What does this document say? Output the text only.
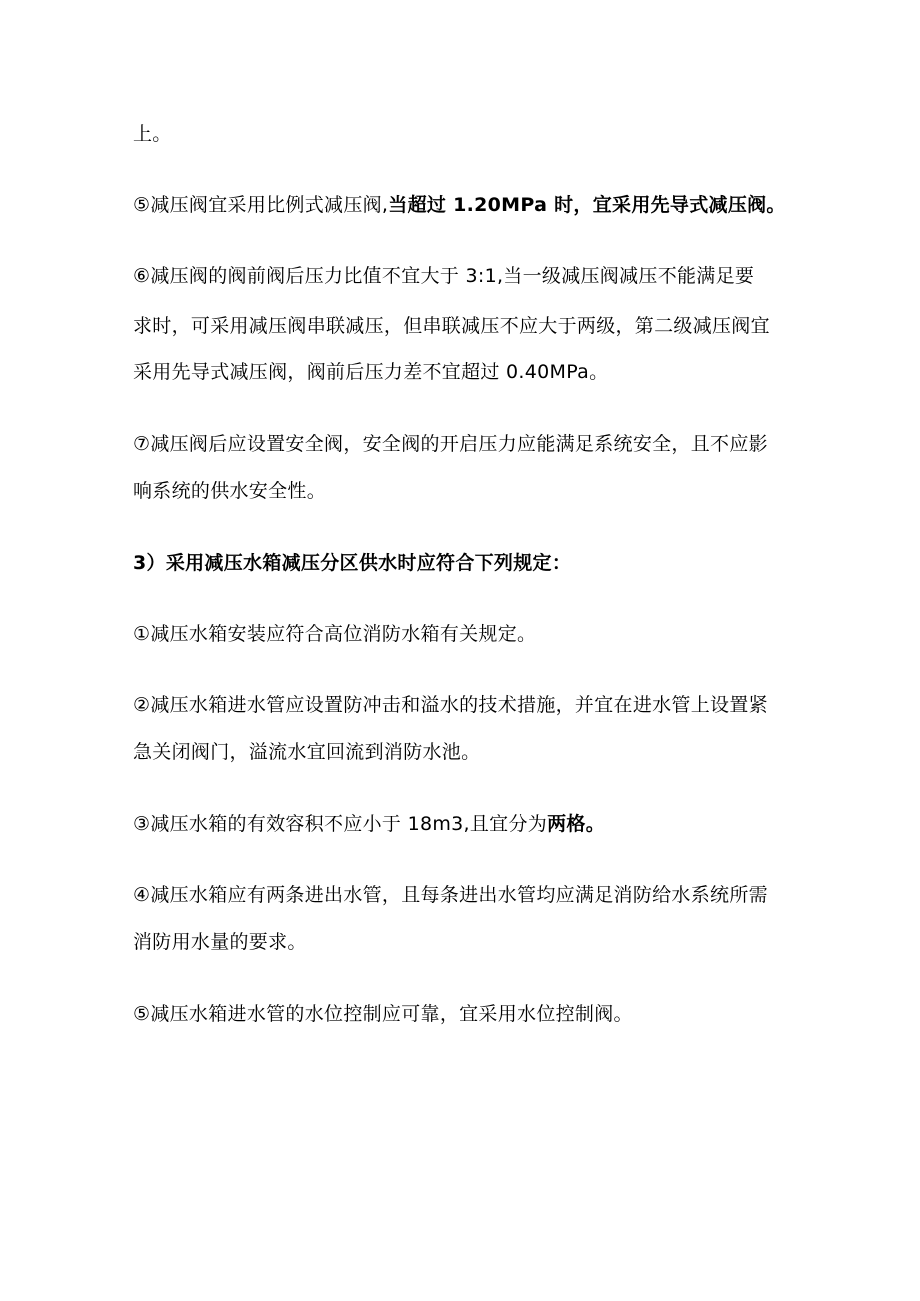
上。

⑤减压阀宜采用比例式减压阀,当超过 1.20MPa 时，宜采用先导式减压阀。

⑥减压阀的阀前阀后压力比值不宜大于 3:1,当一级减压阀减压不能满足要

求时，可采用减压阀串联减压，但串联减压不应大于两级，第二级减压阀宜

采用先导式减压阀，阀前后压力差不宜超过 0.40MPa。

⑦减压阀后应设置安全阀，安全阀的开启压力应能满足系统安全，且不应影

响系统的供水安全性。

3）采用减压水箱减压分区供水时应符合下列规定：

①减压水箱安装应符合高位消防水箱有关规定。

②减压水箱进水管应设置防冲击和溢水的技术措施，并宜在进水管上设置紧

急关闭阀门，溢流水宜回流到消防水池。

③减压水箱的有效容积不应小于 18m3,且宜分为两格。

④减压水箱应有两条进出水管，且每条进出水管均应满足消防给水系统所需

消防用水量的要求。

⑤减压水箱进水管的水位控制应可靠，宜采用水位控制阀。
